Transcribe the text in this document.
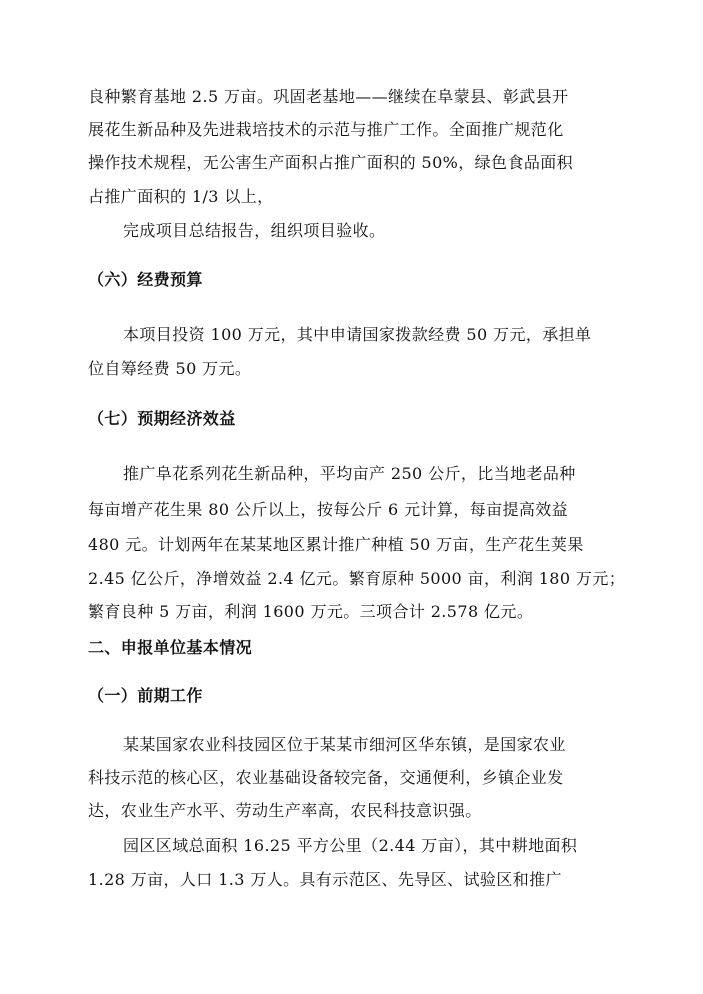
良种繁育基地 2.5 万亩。巩固老基地——继续在阜蒙县、彰武县开
展花生新品种及先进栽培技术的示范与推广工作。全面推广规范化
操作技术规程，无公害生产面积占推广面积的 50%，绿色食品面积
占推广面积的 1/3 以上，
完成项目总结报告，组织项目验收。
（六）经费预算
本项目投资 100 万元，其中申请国家拨款经费 50 万元，承担单
位自筹经费 50 万元。
（七）预期经济效益
推广阜花系列花生新品种，平均亩产 250 公斤，比当地老品种
每亩增产花生果 80 公斤以上，按每公斤 6 元计算，每亩提高效益
480 元。计划两年在某某地区累计推广种植 50 万亩，生产花生荚果
2.45 亿公斤，净增效益 2.4 亿元。繁育原种 5000 亩，利润 180 万元；
繁育良种 5 万亩，利润 1600 万元。三项合计 2.578 亿元。
二、申报单位基本情况
（一）前期工作
某某国家农业科技园区位于某某市细河区华东镇，是国家农业
科技示范的核心区，农业基础设备较完备，交通便利，乡镇企业发
达，农业生产水平、劳动生产率高，农民科技意识强。
园区区域总面积 16.25 平方公里（2.44 万亩），其中耕地面积
1.28 万亩，人口 1.3 万人。具有示范区、先导区、试验区和推广
